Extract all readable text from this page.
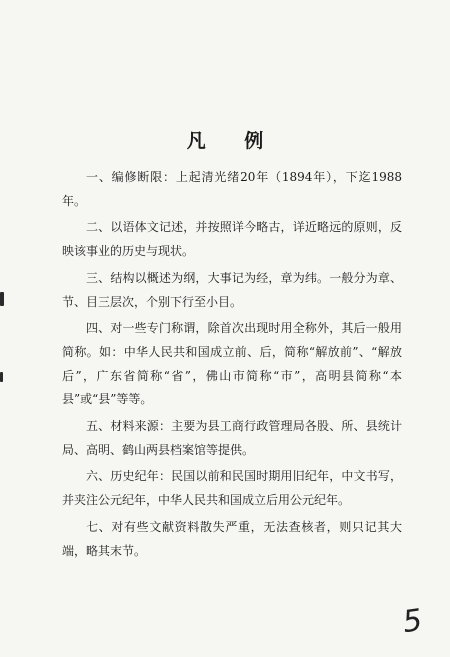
凡 例

一、编修断限：上起清光绪20年（1894年），下迄1988年。

二、以语体文记述，并按照详今略古，详近略远的原则，反映该事业的历史与现状。

三、结构以概述为纲，大事记为经，章为纬。一般分为章、节、目三层次，个别下行至小目。

四、对一些专门称谓，除首次出现时用全称外，其后一般用简称。如：中华人民共和国成立前、后，简称“解放前”、“解放后”，广东省简称“省”，佛山市简称“市”，高明县简称“本县”或“县”等等。

五、材料来源：主要为县工商行政管理局各股、所、县统计局、高明、鹤山两县档案馆等提供。

六、历史纪年：民国以前和民国时期用旧纪年，中文书写，并夹注公元纪年，中华人民共和国成立后用公元纪年。

七、对有些文献资料散失严重，无法查核者，则只记其大端，略其末节。

5
